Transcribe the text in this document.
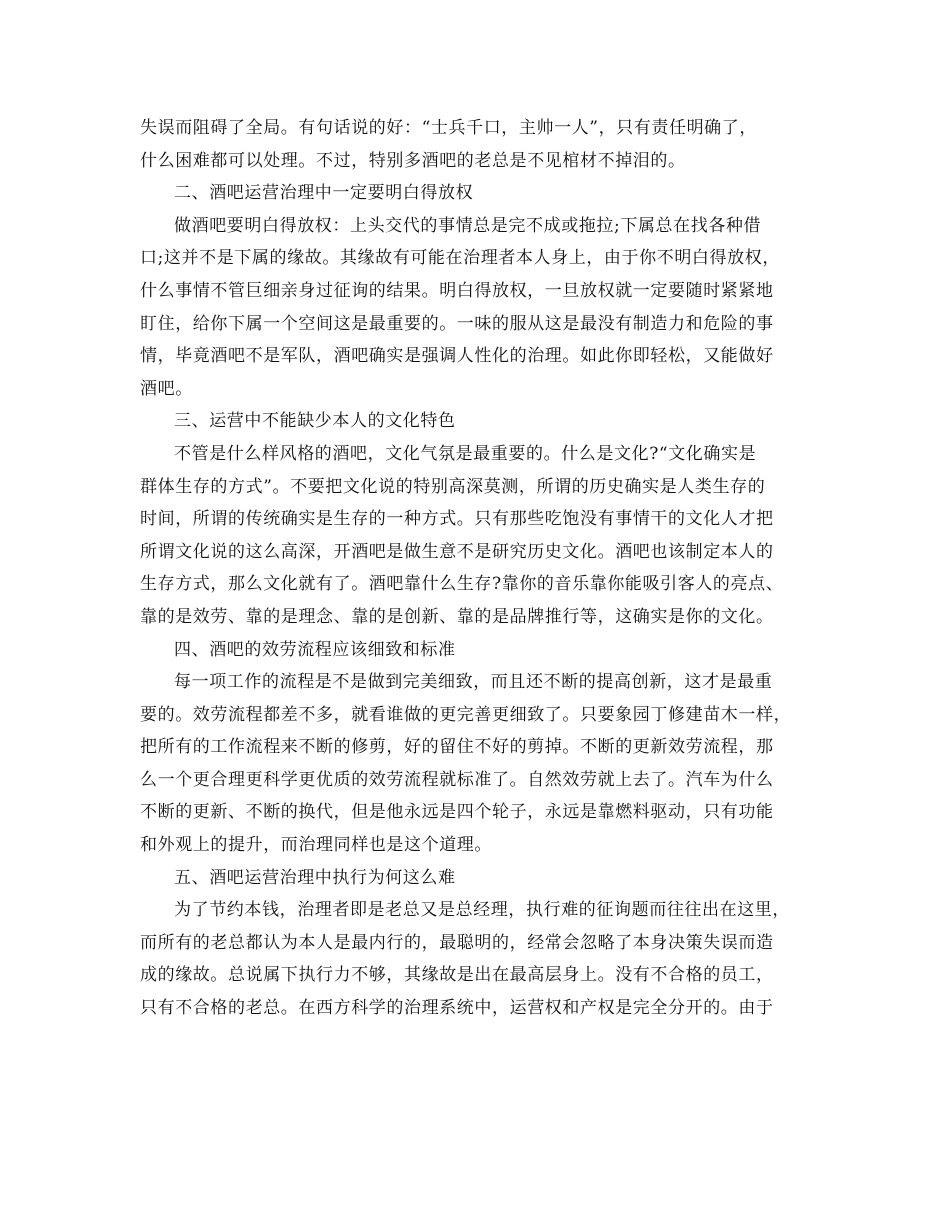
失误而阻碍了全局。有句话说的好：“士兵千口，主帅一人”，只有责任明确了，
什么困难都可以处理。不过，特别多酒吧的老总是不见棺材不掉泪的。

二、酒吧运营治理中一定要明白得放权

做酒吧要明白得放权：上头交代的事情总是完不成或拖拉;下属总在找各种借
口;这并不是下属的缘故。其缘故有可能在治理者本人身上，由于你不明白得放权，
什么事情不管巨细亲身过征询的结果。明白得放权，一旦放权就一定要随时紧紧地
盯住，给你下属一个空间这是最重要的。一味的服从这是最没有制造力和危险的事
情，毕竟酒吧不是军队，酒吧确实是强调人性化的治理。如此你即轻松，又能做好
酒吧。

三、运营中不能缺少本人的文化特色

不管是什么样风格的酒吧，文化气氛是最重要的。什么是文化?“文化确实是
群体生存的方式”。不要把文化说的特别高深莫测，所谓的历史确实是人类生存的
时间，所谓的传统确实是生存的一种方式。只有那些吃饱没有事情干的文化人才把
所谓文化说的这么高深，开酒吧是做生意不是研究历史文化。酒吧也该制定本人的
生存方式，那么文化就有了。酒吧靠什么生存?靠你的音乐靠你能吸引客人的亮点、
靠的是效劳、靠的是理念、靠的是创新、靠的是品牌推行等，这确实是你的文化。

四、酒吧的效劳流程应该细致和标准

每一项工作的流程是不是做到完美细致，而且还不断的提高创新，这才是最重
要的。效劳流程都差不多，就看谁做的更完善更细致了。只要象园丁修建苗木一样，
把所有的工作流程来不断的修剪，好的留住不好的剪掉。不断的更新效劳流程，那
么一个更合理更科学更优质的效劳流程就标准了。自然效劳就上去了。汽车为什么
不断的更新、不断的换代，但是他永远是四个轮子，永远是靠燃料驱动，只有功能
和外观上的提升，而治理同样也是这个道理。

五、酒吧运营治理中执行为何这么难

为了节约本钱，治理者即是老总又是总经理，执行难的征询题而往往出在这里，
而所有的老总都认为本人是最内行的，最聪明的，经常会忽略了本身决策失误而造
成的缘故。总说属下执行力不够，其缘故是出在最高层身上。没有不合格的员工，
只有不合格的老总。在西方科学的治理系统中，运营权和产权是完全分开的。由于
